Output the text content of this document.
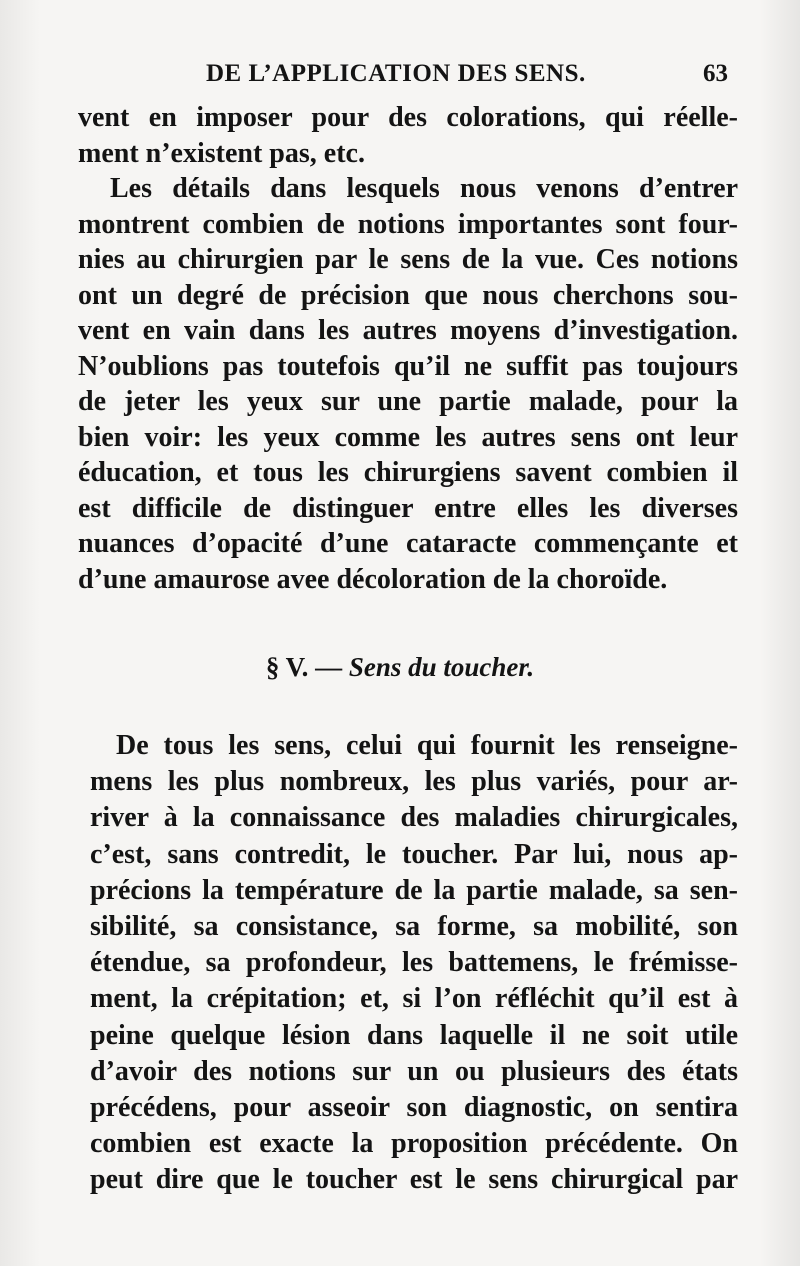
DE L’APPLICATION DES SENS.	63
vent en imposer pour des colorations, qui réelle-
ment n’existent pas, etc.
Les détails dans lesquels nous venons d’entrer
montrent combien de notions importantes sont four-
nies au chirurgien par le sens de la vue. Ces notions
ont un degré de précision que nous cherchons sou-
vent en vain dans les autres moyens d’investigation.
N’oublions pas toutefois qu’il ne suffit pas toujours
de jeter les yeux sur une partie malade, pour la
bien voir: les yeux comme les autres sens ont leur
éducation, et tous les chirurgiens savent combien il
est difficile de distinguer entre elles les diverses
nuances d’opacité d’une cataracte commençante et
d’une amaurose avee décoloration de la choroïde.
§ V. — Sens du toucher.
De tous les sens, celui qui fournit les renseigne-
mens les plus nombreux, les plus variés, pour ar-
river à la connaissance des maladies chirurgicales,
c’est, sans contredit, le toucher. Par lui, nous ap-
précions la température de la partie malade, sa sen-
sibilité, sa consistance, sa forme, sa mobilité, son
étendue, sa profondeur, les battemens, le frémisse-
ment, la crépitation; et, si l’on réfléchit qu’il est à
peine quelque lésion dans laquelle il ne soit utile
d’avoir des notions sur un ou plusieurs des états
précédens, pour asseoir son diagnostic, on sentira
combien est exacte la proposition précédente. On
peut dire que le toucher est le sens chirurgical par
